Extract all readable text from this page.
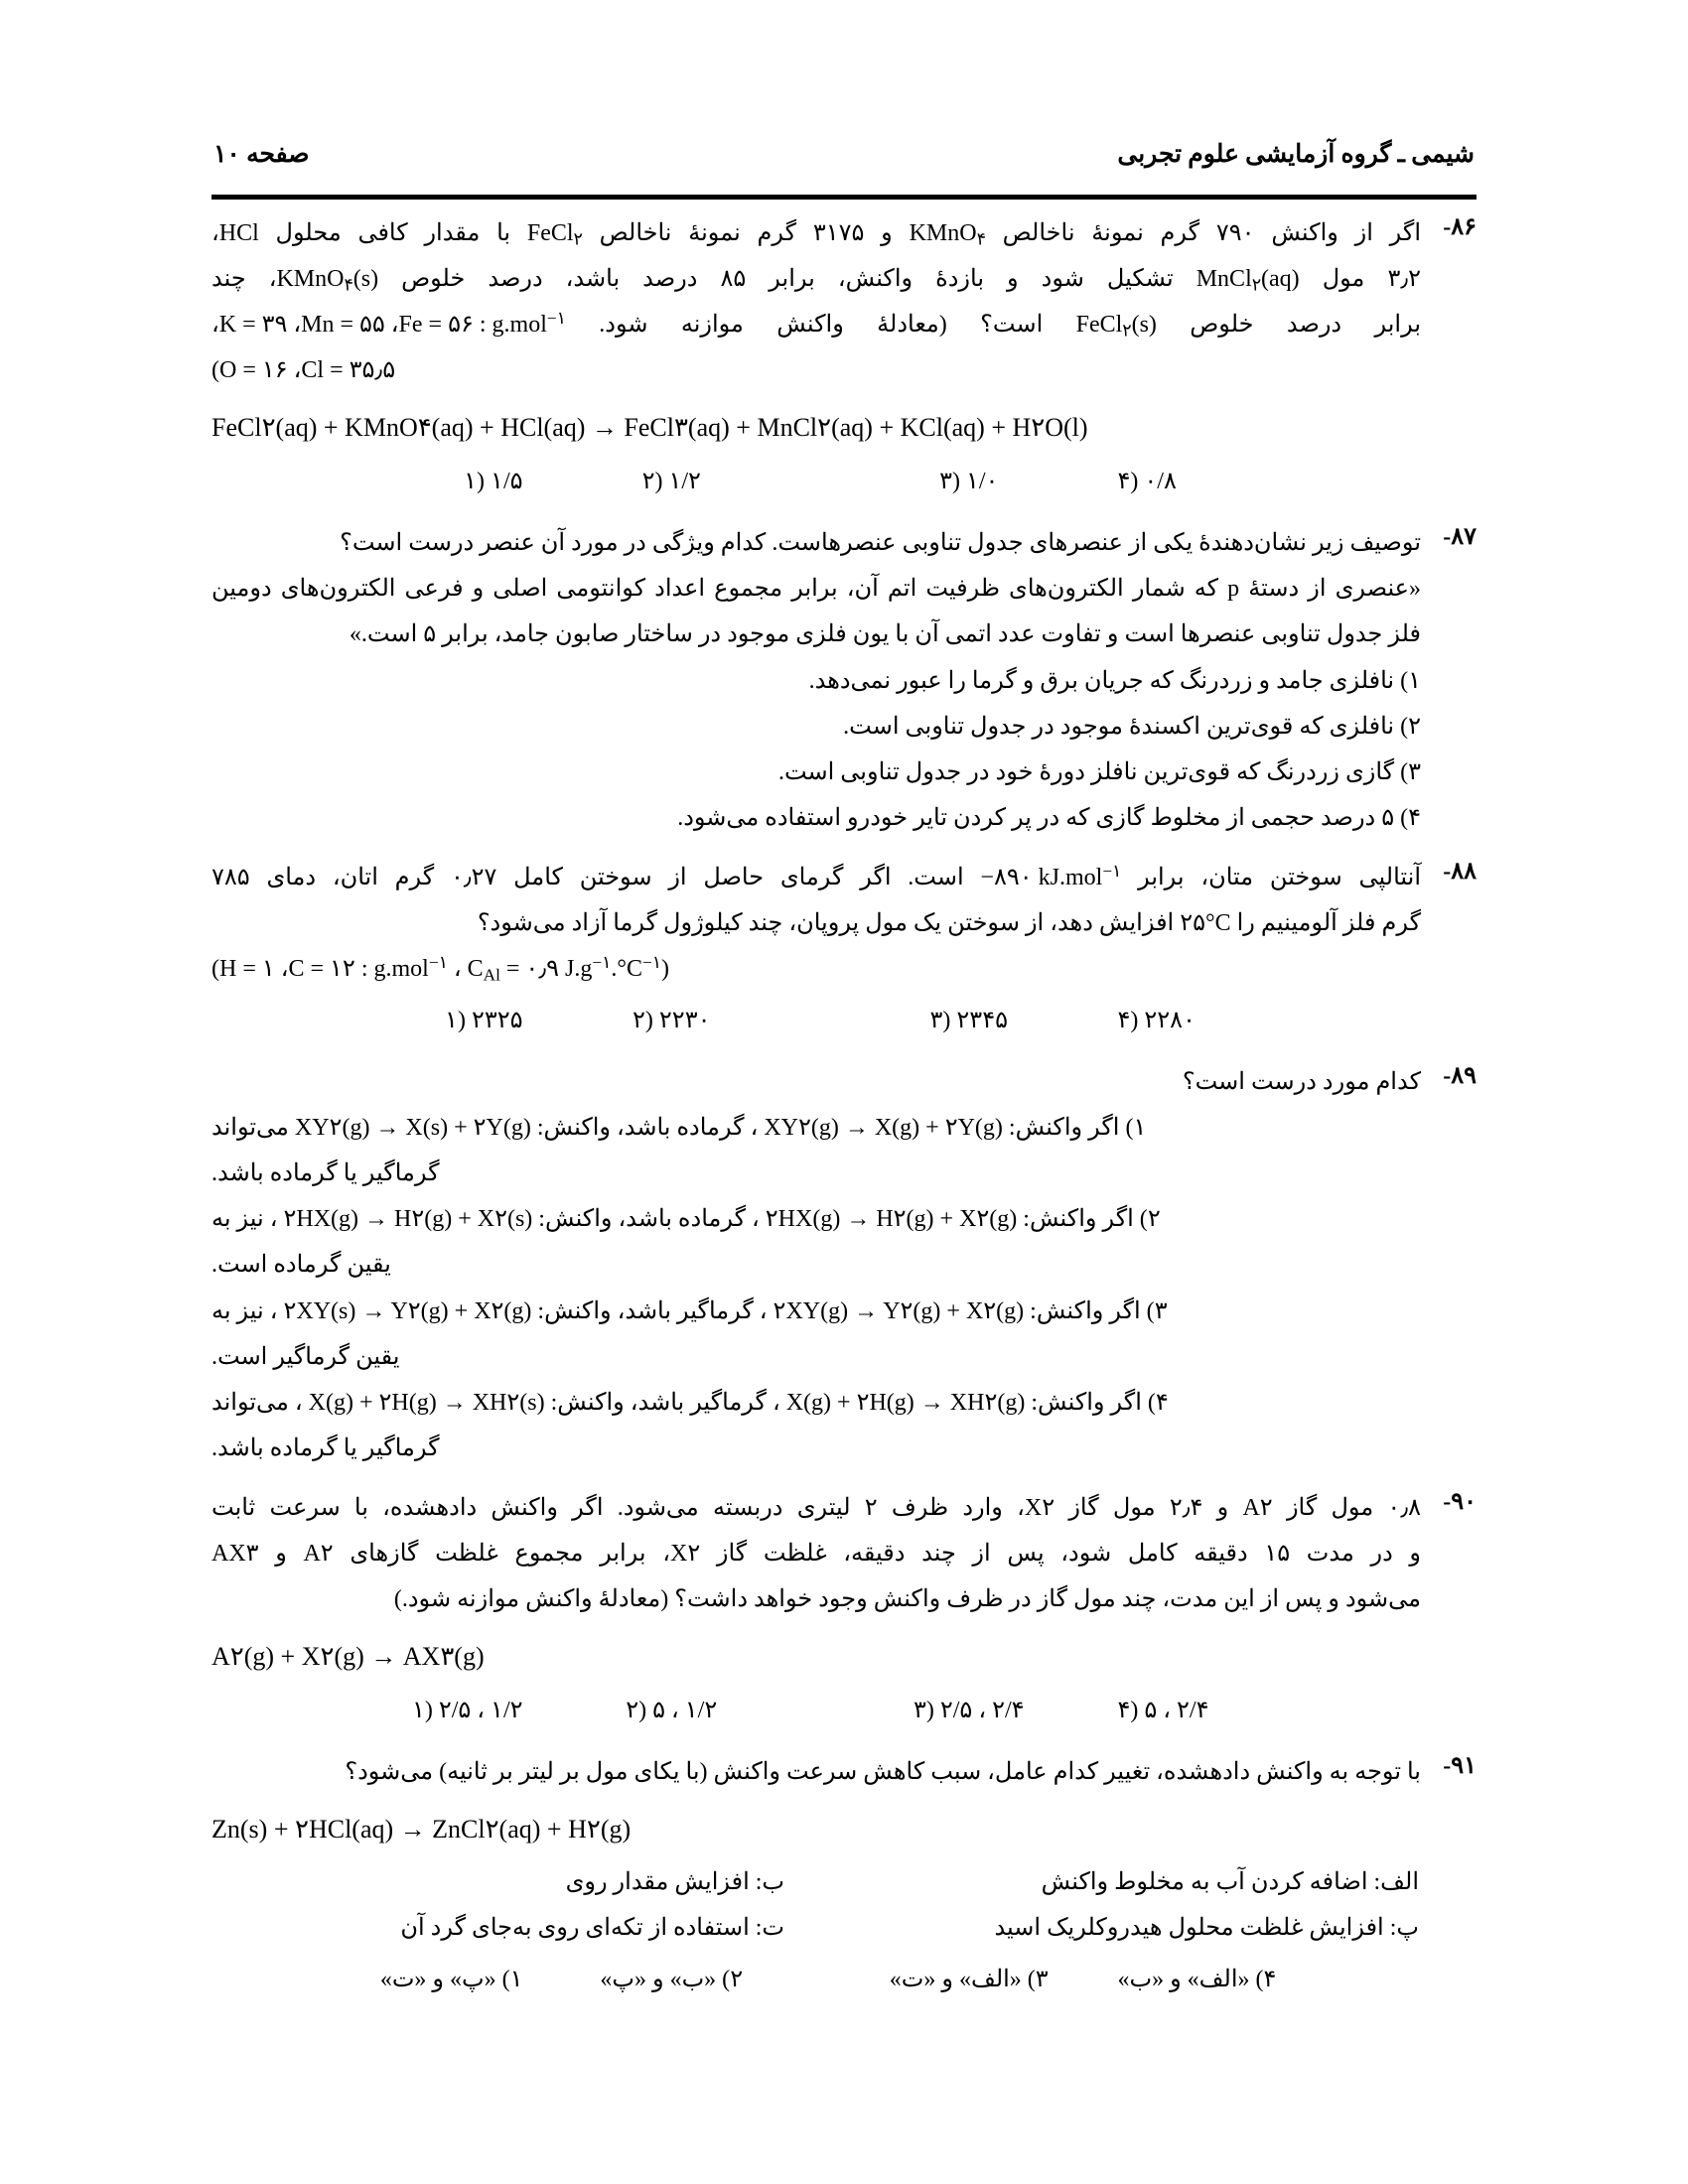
شیمی ـ گروه آزمایشی علوم تجربی
صفحه ۱۰
۸۶-
اگر از واکنش ۷۹۰ گرم نمونهٔ ناخالص KMnO$_۴$ و ۳۱۷۵ گرم نمونهٔ ناخالص FeCl$_۲$ با مقدار کافی محلول HCl،
۳٫۲ مول MnCl$_۲$(aq) تشکیل شود و بازدهٔ واکنش، برابر ۸۵ درصد باشد، درصد خلوص KMnO$_۴$(s)، چند
برابر درصد خلوص FeCl$_۲$(s) است؟ (معادلهٔ واکنش موازنه شود. K = ۳۹ ،Mn = ۵۵ ،Fe = ۵۶ : g.mol$^{-۱}$،
(O = ۱۶ ،Cl = ۳۵٫۵
FeCl۲(aq) + KMnO۴(aq) + HCl(aq) → FeCl۳(aq) + MnCl۲(aq) + KCl(aq) + H۲O(l)
۰/۸ (۴
۱/۰ (۳
۱/۲ (۲
۱/۵ (۱
۸۷-
توصیف زیر نشان‌دهندهٔ یکی از عنصرهای جدول تناوبی عنصرهاست. کدام ویژگی در مورد آن عنصر درست است؟
«عنصری از دستهٔ p که شمار الکترون‌های ظرفیت اتم آن، برابر مجموع اعداد کوانتومی اصلی و فرعی الکترون‌های دومین
فلز جدول تناوبی عنصرها است و تفاوت عدد اتمی آن با یون فلزی موجود در ساختار صابون جامد، برابر ۵ است.»
۱) نافلزی جامد و زردرنگ که جریان برق و گرما را عبور نمی‌دهد.
۲) نافلزی که قوی‌ترین اکسندهٔ موجود در جدول تناوبی است.
۳) گازی زردرنگ که قوی‌ترین نافلز دورهٔ خود در جدول تناوبی است.
۴) ۵ درصد حجمی از مخلوط گازی که در پر کردن تایر خودرو استفاده می‌شود.
۸۸-
آنتالپی سوختن متان، برابر −۸۹۰ kJ.mol$^{-۱}$ است. اگر گرمای حاصل از سوختن کامل ۰٫۲۷ گرم اتان، دمای ۷۸۵
گرم فلز آلومینیم را ۲۵°C افزایش دهد، از سوختن یک مول پروپان، چند کیلوژول گرما آزاد می‌شود؟
(H = ۱ ،C = ۱۲ : g.mol$^{-۱}$ ، $C_{Al}$ = ۰٫۹ $J.g^{-۱}.^\circ C^{-۱}$)
۲۲۸۰ (۴
۲۳۴۵ (۳
۲۲۳۰ (۲
۲۳۲۵ (۱
۸۹-
کدام مورد درست است؟
۱) اگر واکنش: XY۲(g) → X(g) + ۲Y(g) ، گرماده باشد، واکنش: XY۲(g) → X(s) + ۲Y(g) می‌تواند
گرماگیر یا گرماده باشد.
۲) اگر واکنش: ۲HX(g) → H۲(g) + X۲(g) ، گرماده باشد، واکنش: ۲HX(g) → H۲(g) + X۲(s) ، نیز به
یقین گرماده است.
۳) اگر واکنش: ۲XY(g) → Y۲(g) + X۲(g) ، گرماگیر باشد، واکنش: ۲XY(s) → Y۲(g) + X۲(g) ، نیز به
یقین گرماگیر است.
۴) اگر واکنش: X(g) + ۲H(g) → XH۲(g) ، گرماگیر باشد، واکنش: X(g) + ۲H(g) → XH۲(s) ، می‌تواند
گرماگیر یا گرماده باشد.
۹۰-
۰٫۸ مول گاز A۲ و ۲٫۴ مول گاز X۲، وارد ظرف ۲ لیتری دربسته می‌شود. اگر واکنش دادهشده، با سرعت ثابت
و در مدت ۱۵ دقیقه کامل شود، پس از چند دقیقه، غلظت گاز X۲، برابر مجموع غلظت گازهای A۲ و AX۳
می‌شود و پس از این مدت، چند مول گاز در ظرف واکنش وجود خواهد داشت؟ (معادلهٔ واکنش موازنه شود.)
A۲(g) + X۲(g) → AX۳(g)
۲/۴ ، ۵ (۴
۲/۴ ، ۲/۵ (۳
۱/۲ ، ۵ (۲
۱/۲ ، ۲/۵ (۱
۹۱-
با توجه به واکنش دادهشده، تغییر کدام عامل، سبب کاهش سرعت واکنش (با یکای مول بر لیتر بر ثانیه) می‌شود؟
Zn(s) + ۲HCl(aq) → ZnCl۲(aq) + H۲(g)
الف: اضافه کردن آب به مخلوط واکنش
ب: افزایش مقدار روی
پ: افزایش غلظت محلول هیدروکلریک اسید
ت: استفاده از تکه‌ای روی به‌جای گرد آن
۴) «الف» و «ب»
۳) «الف» و «ت»
۲) «ب» و «پ»
۱) «پ» و «ت»
